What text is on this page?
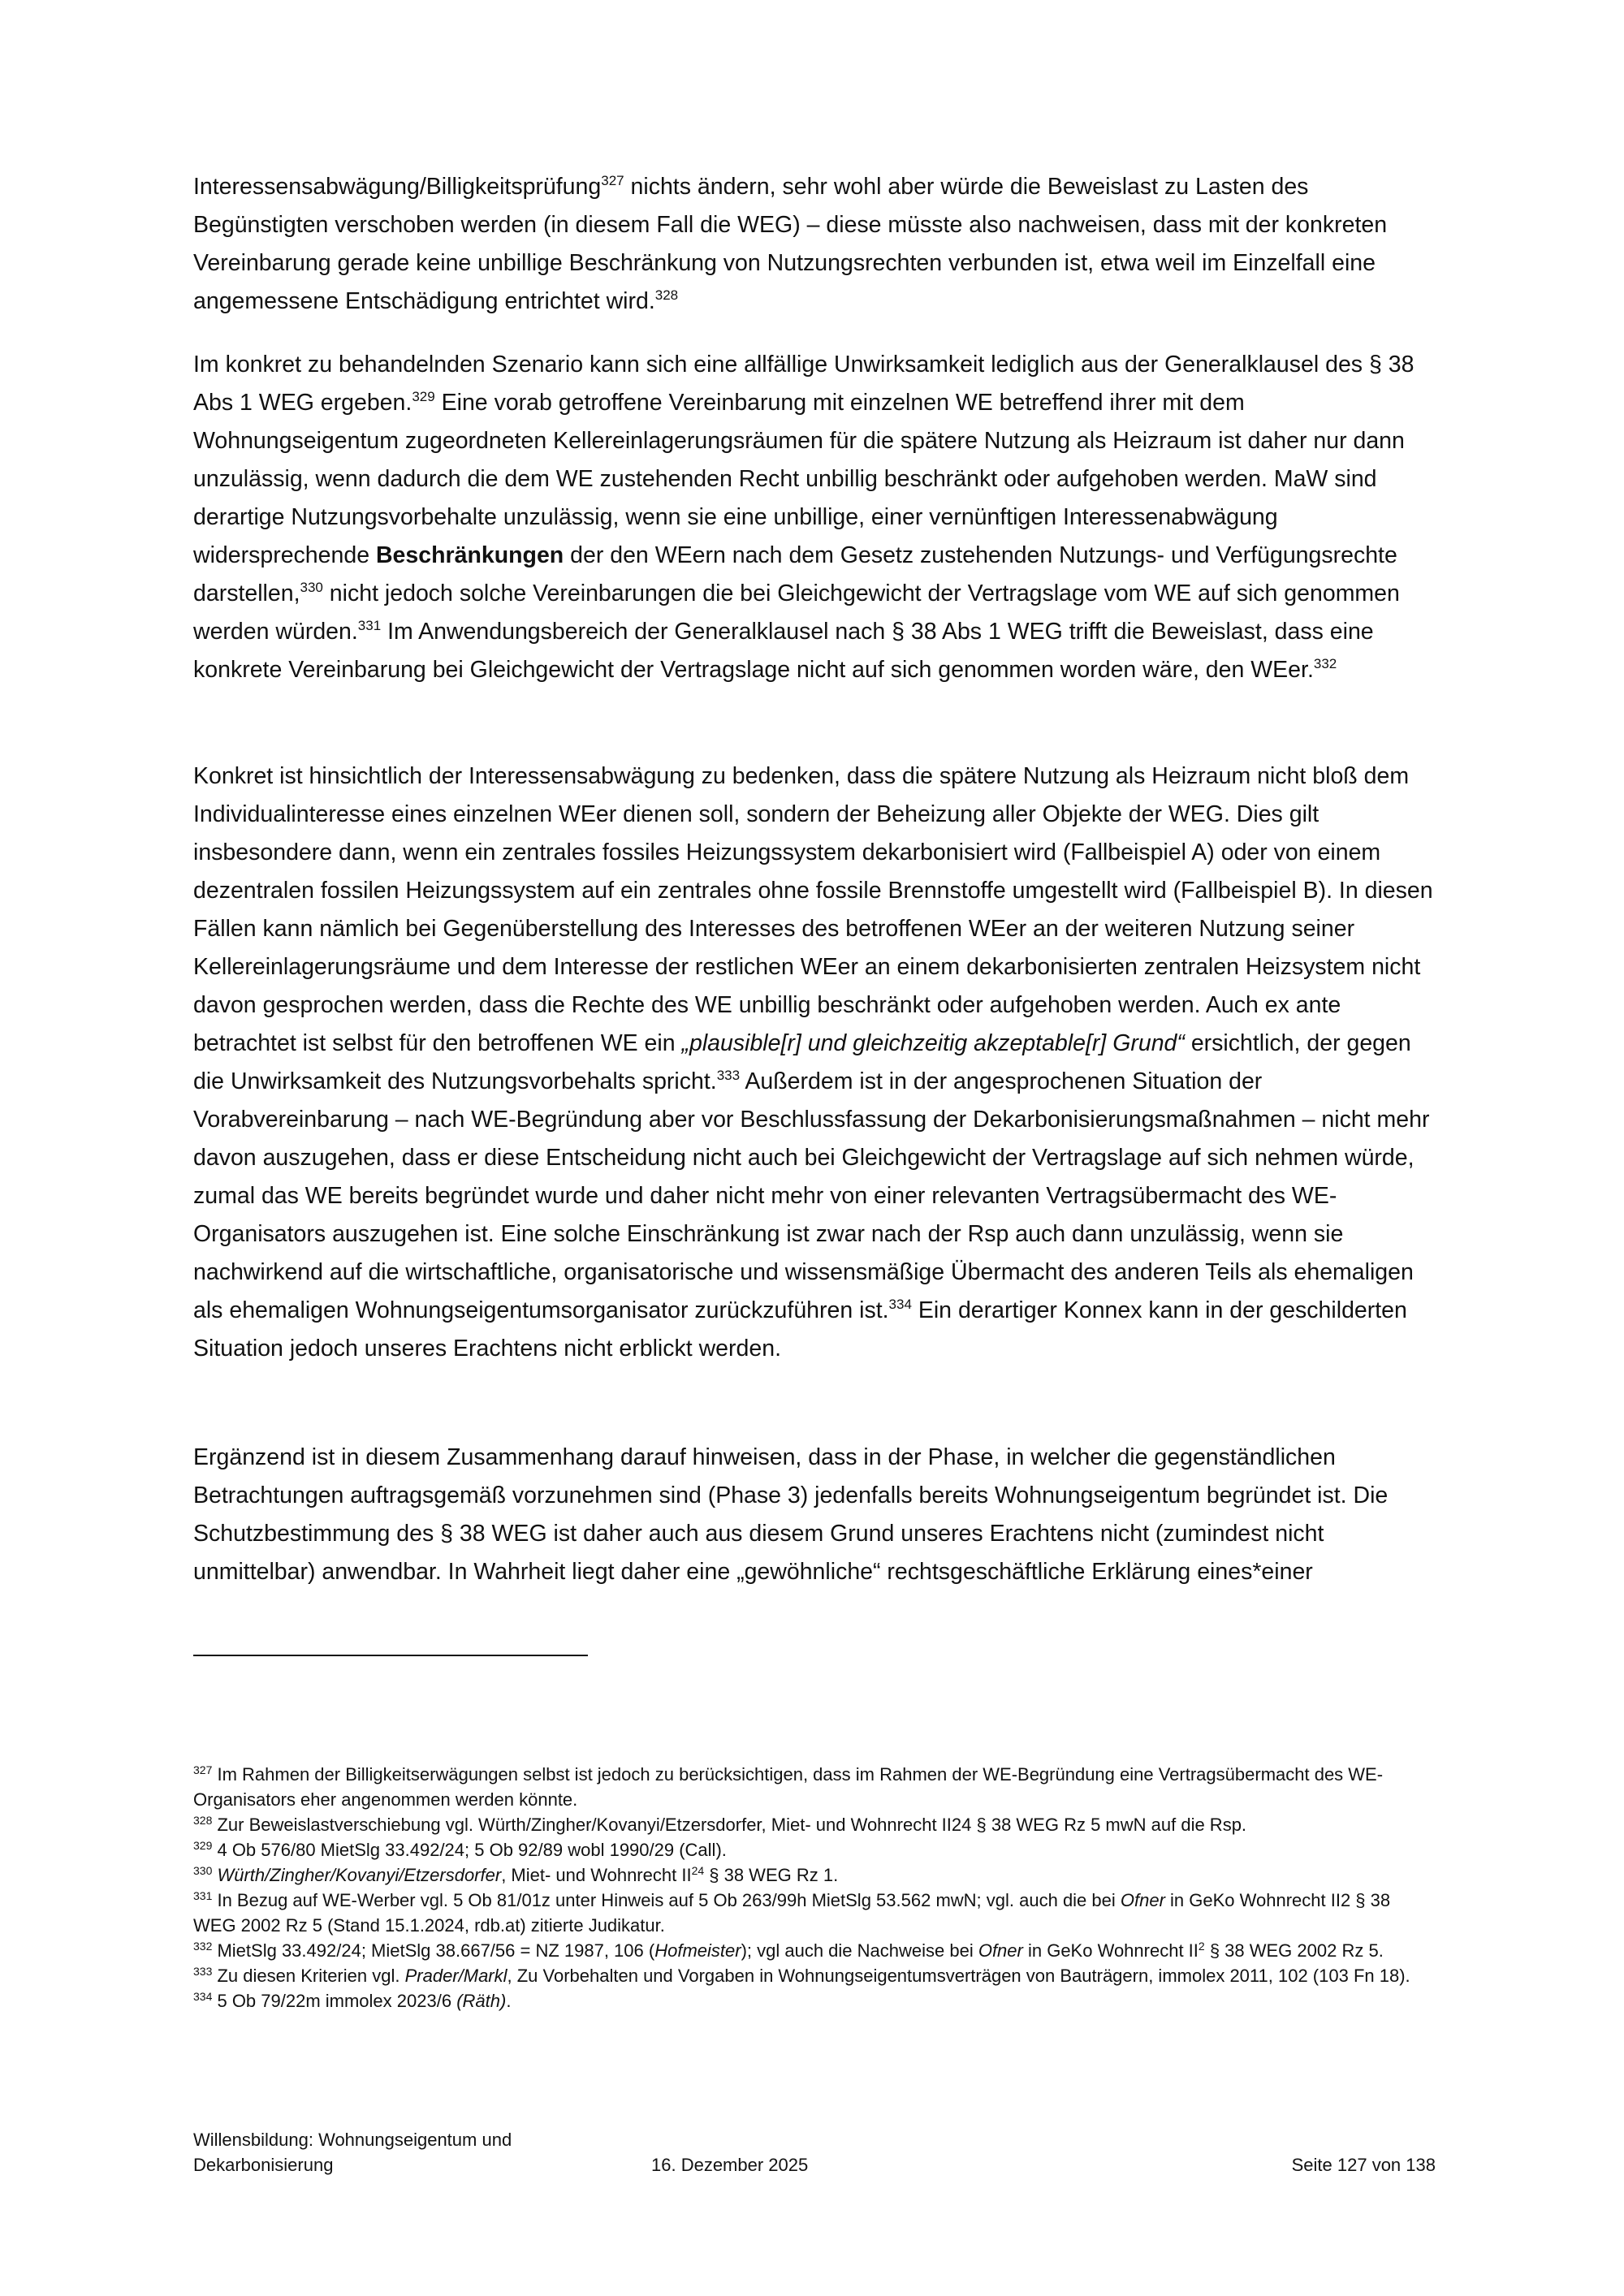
Interessensabwägung/Billigkeitsprüfung$^{327}$ nichts ändern, sehr wohl aber würde die Beweislast zu Lasten des Begünstigten verschoben werden (in diesem Fall die WEG) – diese müsste also nachweisen, dass mit der konkreten Vereinbarung gerade keine unbillige Beschränkung von Nutzungsrechten verbunden ist, etwa weil im Einzelfall eine angemessene Entschädigung entrichtet wird.$^{328}$

Im konkret zu behandelnden Szenario kann sich eine allfällige Unwirksamkeit lediglich aus der Generalklausel des § 38 Abs 1 WEG ergeben.$^{329}$ Eine vorab getroffene Vereinbarung mit einzelnen WE betreffend ihrer mit dem Wohnungseigentum zugeordneten Kellereinlagerungsräumen für die spätere Nutzung als Heizraum ist daher nur dann unzulässig, wenn dadurch die dem WE zustehenden Recht unbillig beschränkt oder aufgehoben werden. MaW sind derartige Nutzungsvorbehalte unzulässig, wenn sie eine unbillige, einer vernünftigen Interessenabwägung widersprechende Beschränkungen der den WEern nach dem Gesetz zustehenden Nutzungs- und Verfügungsrechte darstellen,$^{330}$ nicht jedoch solche Vereinbarungen die bei Gleichgewicht der Vertragslage vom WE auf sich genommen werden würden.$^{331}$ Im Anwendungsbereich der Generalklausel nach § 38 Abs 1 WEG trifft die Beweislast, dass eine konkrete Vereinbarung bei Gleichgewicht der Vertragslage nicht auf sich genommen worden wäre, den WEer.$^{332}$

Konkret ist hinsichtlich der Interessensabwägung zu bedenken, dass die spätere Nutzung als Heizraum nicht bloß dem Individualinteresse eines einzelnen WEer dienen soll, sondern der Beheizung aller Objekte der WEG. Dies gilt insbesondere dann, wenn ein zentrales fossiles Heizungssystem dekarbonisiert wird (Fallbeispiel A) oder von einem dezentralen fossilen Heizungssystem auf ein zentrales ohne fossile Brennstoffe umgestellt wird (Fallbeispiel B). In diesen Fällen kann nämlich bei Gegenüberstellung des Interesses des betroffenen WEer an der weiteren Nutzung seiner Kellereinlagerungsräume und dem Interesse der restlichen WEer an einem dekarbonisierten zentralen Heizsystem nicht davon gesprochen werden, dass die Rechte des WE unbillig beschränkt oder aufgehoben werden. Auch ex ante betrachtet ist selbst für den betroffenen WE ein „plausible[r] und gleichzeitig akzeptable[r] Grund“ ersichtlich, der gegen die Unwirksamkeit des Nutzungsvorbehalts spricht.$^{333}$ Außerdem ist in der angesprochenen Situation der Vorabvereinbarung – nach WE-Begründung aber vor Beschlussfassung der Dekarbonisierungsmaßnahmen – nicht mehr davon auszugehen, dass er diese Entscheidung nicht auch bei Gleichgewicht der Vertragslage auf sich nehmen würde, zumal das WE bereits begründet wurde und daher nicht mehr von einer relevanten Vertragsübermacht des WE-Organisators auszugehen ist. Eine solche Einschränkung ist zwar nach der Rsp auch dann unzulässig, wenn sie nachwirkend auf die wirtschaftliche, organisatorische und wissensmäßige Übermacht des anderen Teils als ehemaligen als ehemaligen Wohnungseigentumsorganisator zurückzuführen ist.$^{334}$ Ein derartiger Konnex kann in der geschilderten Situation jedoch unseres Erachtens nicht erblickt werden.

Ergänzend ist in diesem Zusammenhang darauf hinweisen, dass in der Phase, in welcher die gegenständlichen Betrachtungen auftragsgemäß vorzunehmen sind (Phase 3) jedenfalls bereits Wohnungseigentum begründet ist. Die Schutzbestimmung des § 38 WEG ist daher auch aus diesem Grund unseres Erachtens nicht (zumindest nicht unmittelbar) anwendbar. In Wahrheit liegt daher eine „gewöhnliche“ rechtsgeschäftliche Erklärung eines*einer

$^{327}$ Im Rahmen der Billigkeitserwägungen selbst ist jedoch zu berücksichtigen, dass im Rahmen der WE-Begründung eine Vertragsübermacht des WE-Organisators eher angenommen werden könnte.

$^{328}$ Zur Beweislastverschiebung vgl. Würth/Zingher/Kovanyi/Etzersdorfer, Miet- und Wohnrecht II24 § 38 WEG Rz 5 mwN auf die Rsp.

$^{329}$ 4 Ob 576/80 MietSlg 33.492/24; 5 Ob 92/89 wobl 1990/29 (Call).

$^{330}$ Würth/Zingher/Kovanyi/Etzersdorfer, Miet- und Wohnrecht II$^{24}$ § 38 WEG Rz 1.

$^{331}$ In Bezug auf WE-Werber vgl. 5 Ob 81/01z unter Hinweis auf 5 Ob 263/99h MietSlg 53.562 mwN; vgl. auch die bei Ofner in GeKo Wohnrecht II2 § 38 WEG 2002 Rz 5 (Stand 15.1.2024, rdb.at) zitierte Judikatur.

$^{332}$ MietSlg 33.492/24; MietSlg 38.667/56 = NZ 1987, 106 (Hofmeister); vgl auch die Nachweise bei Ofner in GeKo Wohnrecht $II^2$ § 38 WEG 2002 Rz 5.

$^{333}$ Zu diesen Kriterien vgl. Prader/Markl, Zu Vorbehalten und Vorgaben in Wohnungseigentumsverträgen von Bauträgern, immolex 2011, 102 (103 Fn 18).

$^{334}$ 5 Ob 79/22m immolex 2023/6 (Räth).

Willensbildung: Wohnungseigentum und Dekarbonisierung	16. Dezember 2025	Seite 127 von 138
